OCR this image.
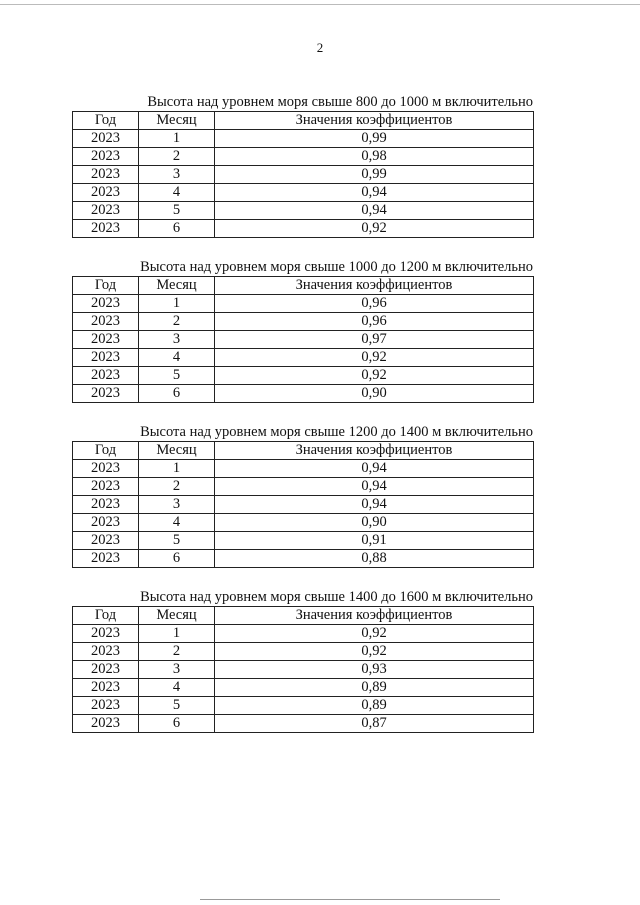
2
Высота над уровнем моря свыше 800 до 1000 м включительно
Год	Месяц	Значения коэффициентов
2023	1	0,99
2023	2	0,98
2023	3	0,99
2023	4	0,94
2023	5	0,94
2023	6	0,92
Высота над уровнем моря свыше 1000 до 1200 м включительно
Год	Месяц	Значения коэффициентов
2023	1	0,96
2023	2	0,96
2023	3	0,97
2023	4	0,92
2023	5	0,92
2023	6	0,90
Высота над уровнем моря свыше 1200 до 1400 м включительно
Год	Месяц	Значения коэффициентов
2023	1	0,94
2023	2	0,94
2023	3	0,94
2023	4	0,90
2023	5	0,91
2023	6	0,88
Высота над уровнем моря свыше 1400 до 1600 м включительно
Год	Месяц	Значения коэффициентов
2023	1	0,92
2023	2	0,92
2023	3	0,93
2023	4	0,89
2023	5	0,89
2023	6	0,87
